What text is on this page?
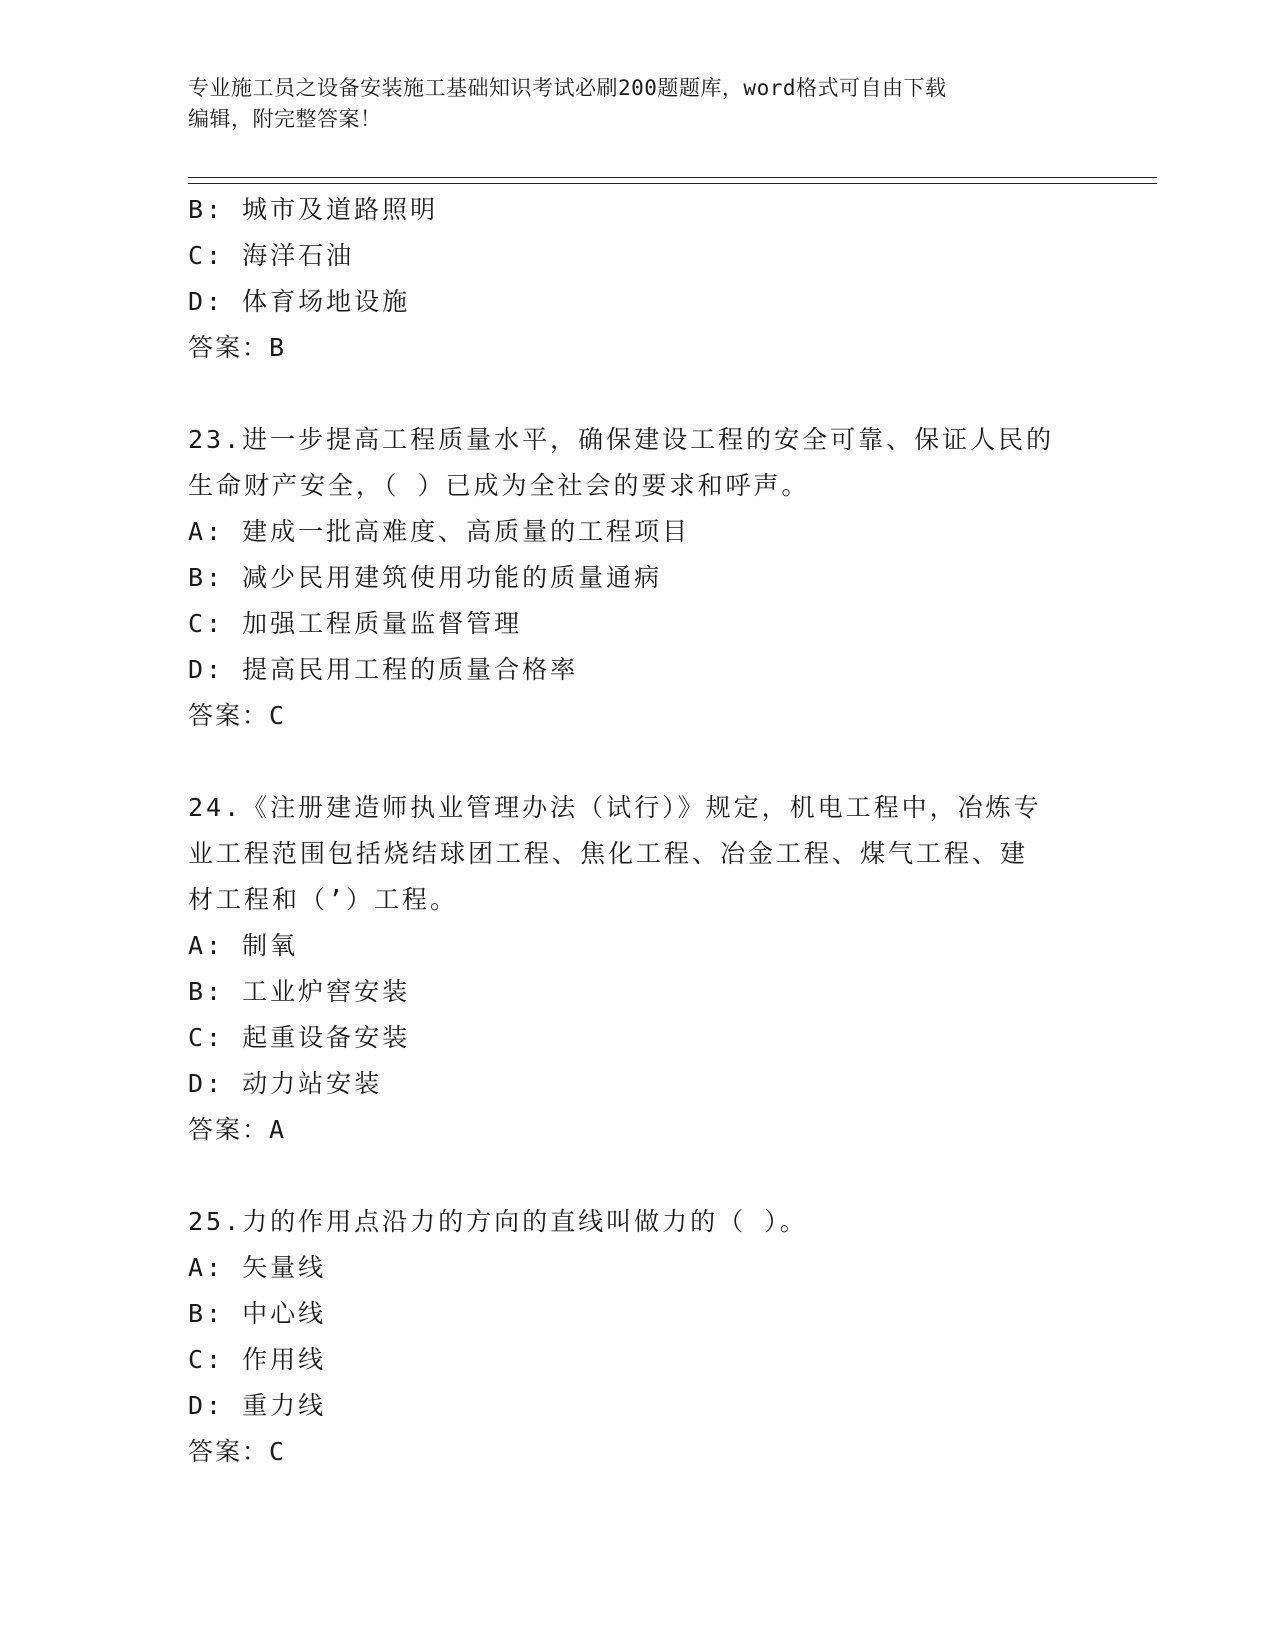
专业施工员之设备安装施工基础知识考试必刷200题题库，word格式可自由下载
编辑，附完整答案！
B: 城市及道路照明
C: 海洋石油
D: 体育场地设施
答案：B
23.进一步提高工程质量水平，确保建设工程的安全可靠、保证人民的
生命财产安全，（ ）已成为全社会的要求和呼声。
A: 建成一批高难度、高质量的工程项目
B: 减少民用建筑使用功能的质量通病
C: 加强工程质量监督管理
D: 提高民用工程的质量合格率
答案：C
24.《注册建造师执业管理办法（试行）》规定，机电工程中，冶炼专
业工程范围包括烧结球团工程、焦化工程、冶金工程、煤气工程、建
材工程和（’）工程。
A: 制氧
B: 工业炉窖安装
C: 起重设备安装
D: 动力站安装
答案：A
25.力的作用点沿力的方向的直线叫做力的（ ）。
A: 矢量线
B: 中心线
C: 作用线
D: 重力线
答案：C
